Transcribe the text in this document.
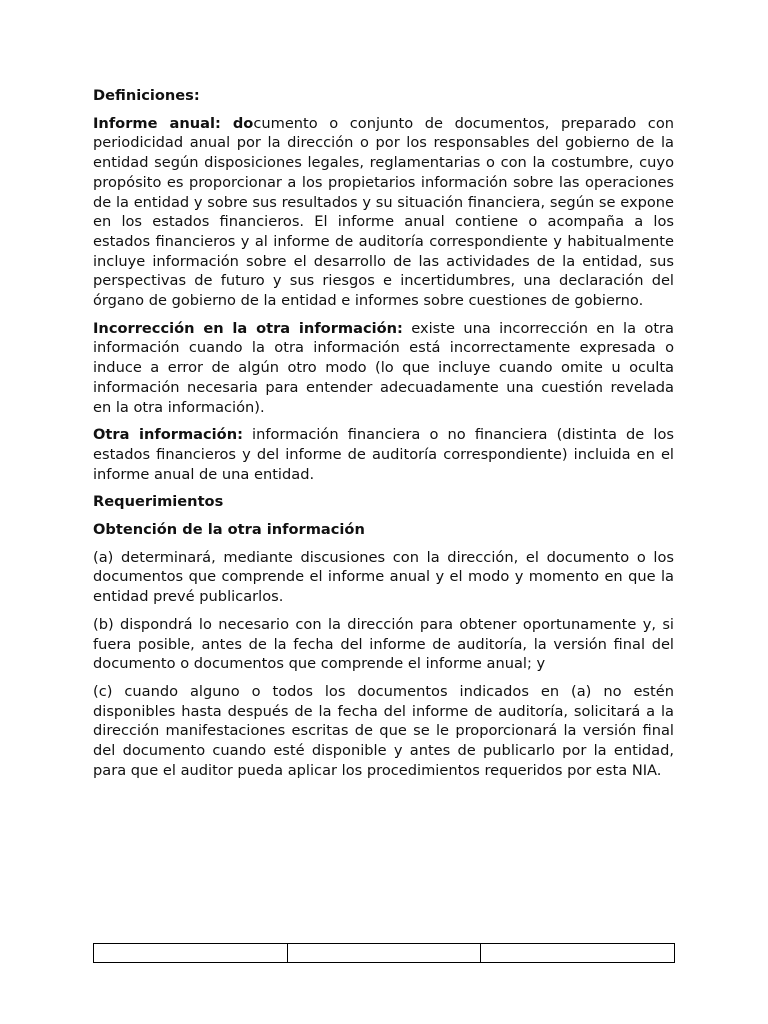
Definiciones:

Informe anual: documento o conjunto de documentos, preparado con periodicidad anual por la dirección o por los responsables del gobierno de la entidad según disposiciones legales, reglamentarias o con la costumbre, cuyo propósito es proporcionar a los propietarios información sobre las operaciones de la entidad y sobre sus resultados y su situación financiera, según se expone en los estados financieros. El informe anual contiene o acompaña a los estados financieros y al informe de auditoría correspondiente y habitualmente incluye información sobre el desarrollo de las actividades de la entidad, sus perspectivas de futuro y sus riesgos e incertidumbres, una declaración del órgano de gobierno de la entidad e informes sobre cuestiones de gobierno.

Incorrección en la otra información: existe una incorrección en la otra información cuando la otra información está incorrectamente expresada o induce a error de algún otro modo (lo que incluye cuando omite u oculta información necesaria para entender adecuadamente una cuestión revelada en la otra información).

Otra información: información financiera o no financiera (distinta de los estados financieros y del informe de auditoría correspondiente) incluida en el informe anual de una entidad.

Requerimientos

Obtención de la otra información

(a) determinará, mediante discusiones con la dirección, el documento o los documentos que comprende el informe anual y el modo y momento en que la entidad prevé publicarlos.

(b) dispondrá lo necesario con la dirección para obtener oportunamente y, si fuera posible, antes de la fecha del informe de auditoría, la versión final del documento o documentos que comprende el informe anual; y

(c) cuando alguno o todos los documentos indicados en (a) no estén disponibles hasta después de la fecha del informe de auditoría, solicitará a la dirección manifestaciones escritas de que se le proporcionará la versión final del documento cuando esté disponible y antes de publicarlo por la entidad, para que el auditor pueda aplicar los procedimientos requeridos por esta NIA.
